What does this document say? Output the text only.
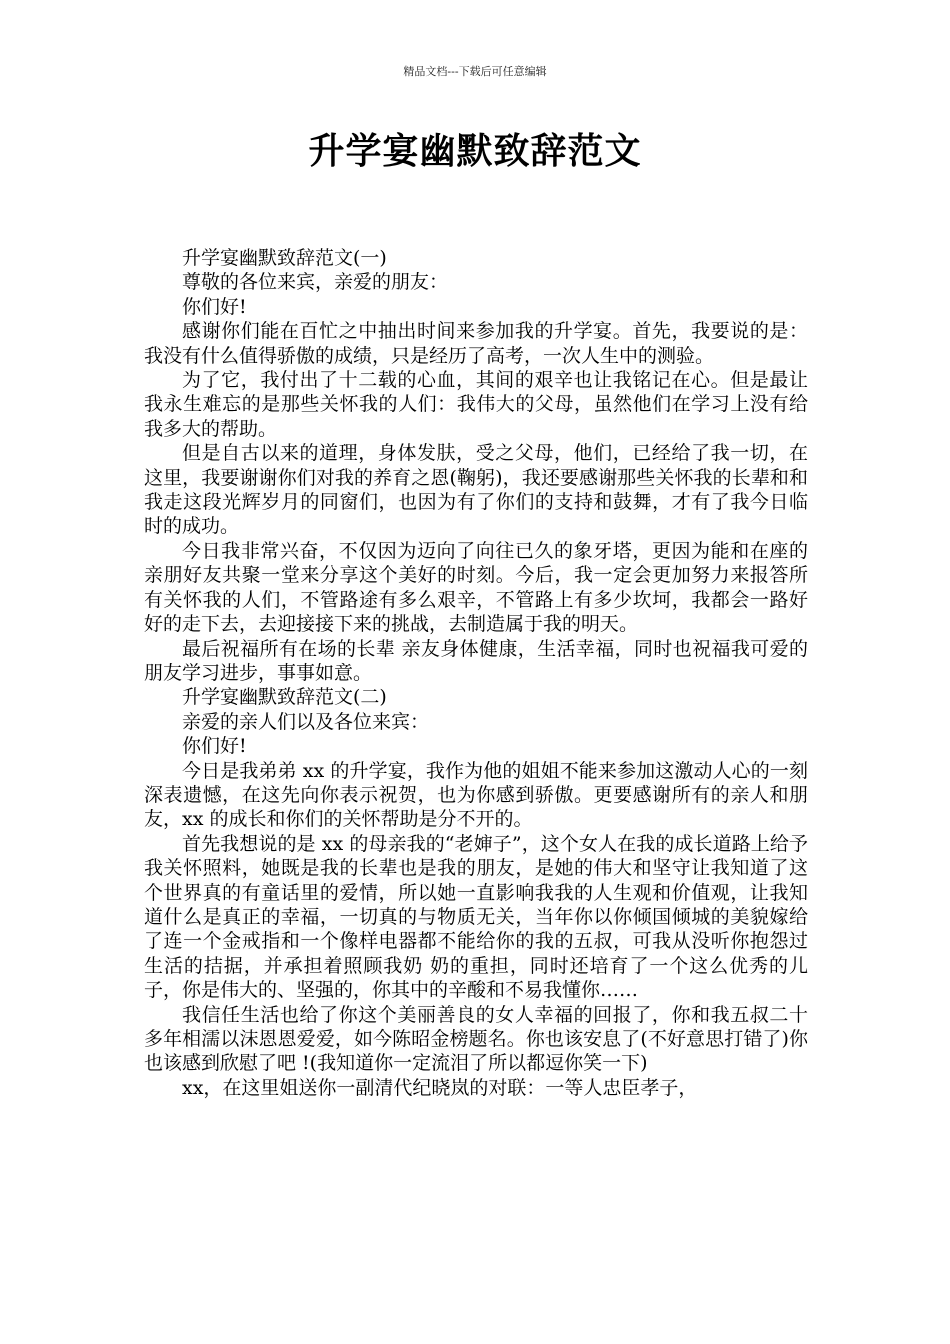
精品文档---下载后可任意编辑
升学宴幽默致辞范文

升学宴幽默致辞范文(一)

尊敬的各位来宾，亲爱的朋友：

你们好!

感谢你们能在百忙之中抽出时间来参加我的升学宴。首先，我要说的是：我没有什么值得骄傲的成绩，只是经历了高考，一次人生中的测验。

为了它，我付出了十二载的心血，其间的艰辛也让我铭记在心。但是最让我永生难忘的是那些关怀我的人们：我伟大的父母，虽然他们在学习上没有给我多大的帮助。

但是自古以来的道理，身体发肤，受之父母，他们，已经给了我一切，在这里，我要谢谢你们对我的养育之恩(鞠躬)，我还要感谢那些关怀我的长辈和和我走这段光辉岁月的同窗们，也因为有了你们的支持和鼓舞，才有了我今日临时的成功。

今日我非常兴奋，不仅因为迈向了向往已久的象牙塔，更因为能和在座的亲朋好友共聚一堂来分享这个美好的时刻。今后，我一定会更加努力来报答所有关怀我的人们，不管路途有多么艰辛，不管路上有多少坎坷，我都会一路好好的走下去，去迎接接下来的挑战，去制造属于我的明天。

最后祝福所有在场的长辈 亲友身体健康，生活幸福，同时也祝福我可爱的朋友学习进步，事事如意。

升学宴幽默致辞范文(二)

亲爱的亲人们以及各位来宾：

你们好!

今日是我弟弟 xx 的升学宴，我作为他的姐姐不能来参加这激动人心的一刻深表遗憾，在这先向你表示祝贺，也为你感到骄傲。更要感谢所有的亲人和朋友，xx 的成长和你们的关怀帮助是分不开的。

首先我想说的是 xx 的母亲我的“老婶子”，这个女人在我的成长道路上给予我关怀照料，她既是我的长辈也是我的朋友，是她的伟大和坚守让我知道了这个世界真的有童话里的爱情，所以她一直影响我我的人生观和价值观，让我知道什么是真正的幸福，一切真的与物质无关，当年你以你倾国倾城的美貌嫁给了连一个金戒指和一个像样电器都不能给你的我的五叔，可我从没听你抱怨过生活的拮据，并承担着照顾我奶 奶的重担，同时还培育了一个这么优秀的儿子，你是伟大的、坚强的，你其中的辛酸和不易我懂你……

我信任生活也给了你这个美丽善良的女人幸福的回报了，你和我五叔二十多年相濡以沫恩恩爱爱，如今陈昭金榜题名。你也该安息了(不好意思打错了)你也该感到欣慰了吧 !(我知道你一定流泪了所以都逗你笑一下)

xx，在这里姐送你一副清代纪晓岚的对联：一等人忠臣孝子，
